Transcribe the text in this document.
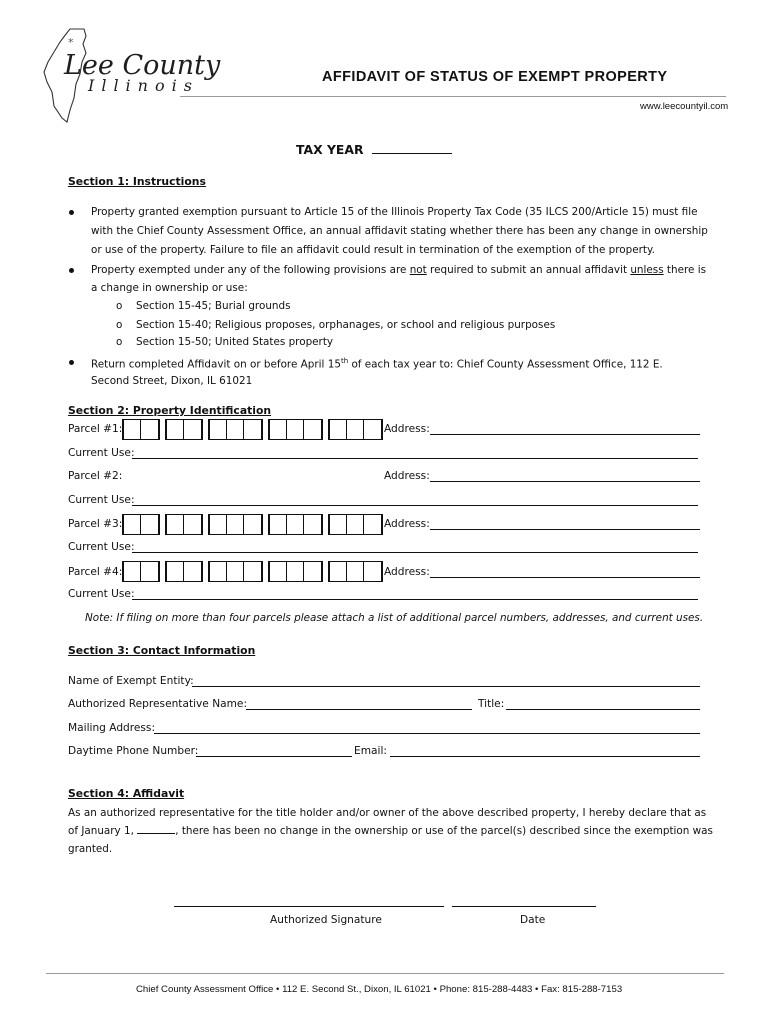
*
Lee County
Illinois	AFFIDAVIT OF STATUS OF EXEMPT PROPERTY
www.leecountyil.com
TAX YEAR
Section 1: Instructions
Property granted exemption pursuant to Article 15 of the Illinois Property Tax Code (35 ILCS 200/Article 15) must file
with the Chief County Assessment Office, an annual affidavit stating whether there has been any change in ownership
or use of the property. Failure to file an affidavit could result in termination of the exemption of the property.
Property exempted under any of the following provisions are not required to submit an annual affidavit unless there is
a change in ownership or use:
o Section 15-45; Burial grounds
o Section 15-40; Religious proposes, orphanages, or school and religious purposes
o Section 15-50; United States property
Return completed Affidavit on or before April 15th of each tax year to: Chief County Assessment Office, 112 E.
Second Street, Dixon, IL 61021
Section 2: Property Identification
Parcel #1:	Address:
Current Use:
Parcel #2:	Address:
Current Use:
Parcel #3:	Address:
Current Use:
Parcel #4:	Address:
Current Use:
Note: If filing on more than four parcels please attach a list of additional parcel numbers, addresses, and current uses.
Section 3: Contact Information
Name of Exempt Entity:
Authorized Representative Name:	Title:
Mailing Address:
Daytime Phone Number:	Email:
Section 4: Affidavit
As an authorized representative for the title holder and/or owner of the above described property, I hereby declare that as
of January 1,	, there has been no change in the ownership or use of the parcel(s) described since the exemption was
granted.
Authorized Signature	Date
Chief County Assessment Office • 112 E. Second St., Dixon, IL 61021 • Phone: 815-288-4483 • Fax: 815-288-7153
